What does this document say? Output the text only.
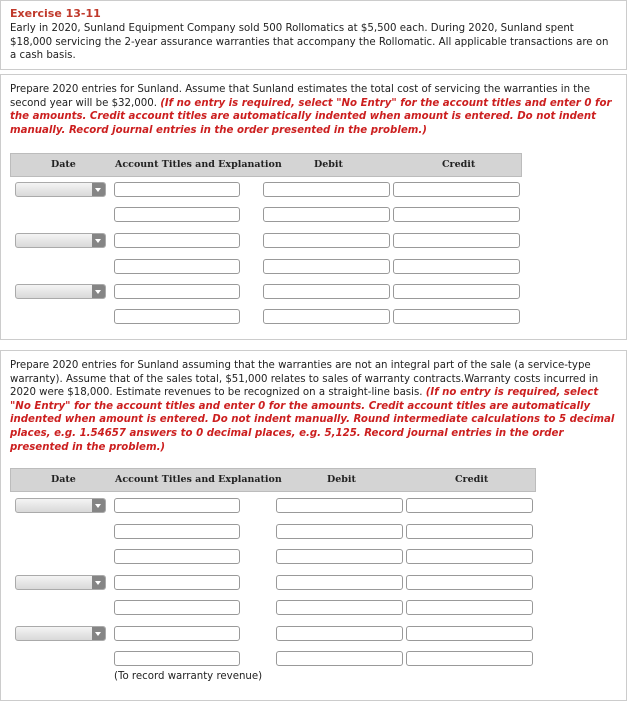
Exercise 13-11
Early in 2020, Sunland Equipment Company sold 500 Rollomatics at $5,500 each. During 2020, Sunland spent $18,000 servicing the 2-year assurance warranties that accompany the Rollomatic. All applicable transactions are on a cash basis.
Prepare 2020 entries for Sunland. Assume that Sunland estimates the total cost of servicing the warranties in the second year will be $32,000. (If no entry is required, select "No Entry" for the account titles and enter 0 for the amounts. Credit account titles are automatically indented when amount is entered. Do not indent manually. Record journal entries in the order presented in the problem.)
Date	Account Titles and Explanation	Debit	Credit
Prepare 2020 entries for Sunland assuming that the warranties are not an integral part of the sale (a service-type warranty). Assume that of the sales total, $51,000 relates to sales of warranty contracts.Warranty costs incurred in 2020 were $18,000. Estimate revenues to be recognized on a straight-line basis. (If no entry is required, select "No Entry" for the account titles and enter 0 for the amounts. Credit account titles are automatically indented when amount is entered. Do not indent manually. Round intermediate calculations to 5 decimal places, e.g. 1.54657 answers to 0 decimal places, e.g. 5,125. Record journal entries in the order presented in the problem.)
Date	Account Titles and Explanation	Debit	Credit
(To record warranty revenue)
